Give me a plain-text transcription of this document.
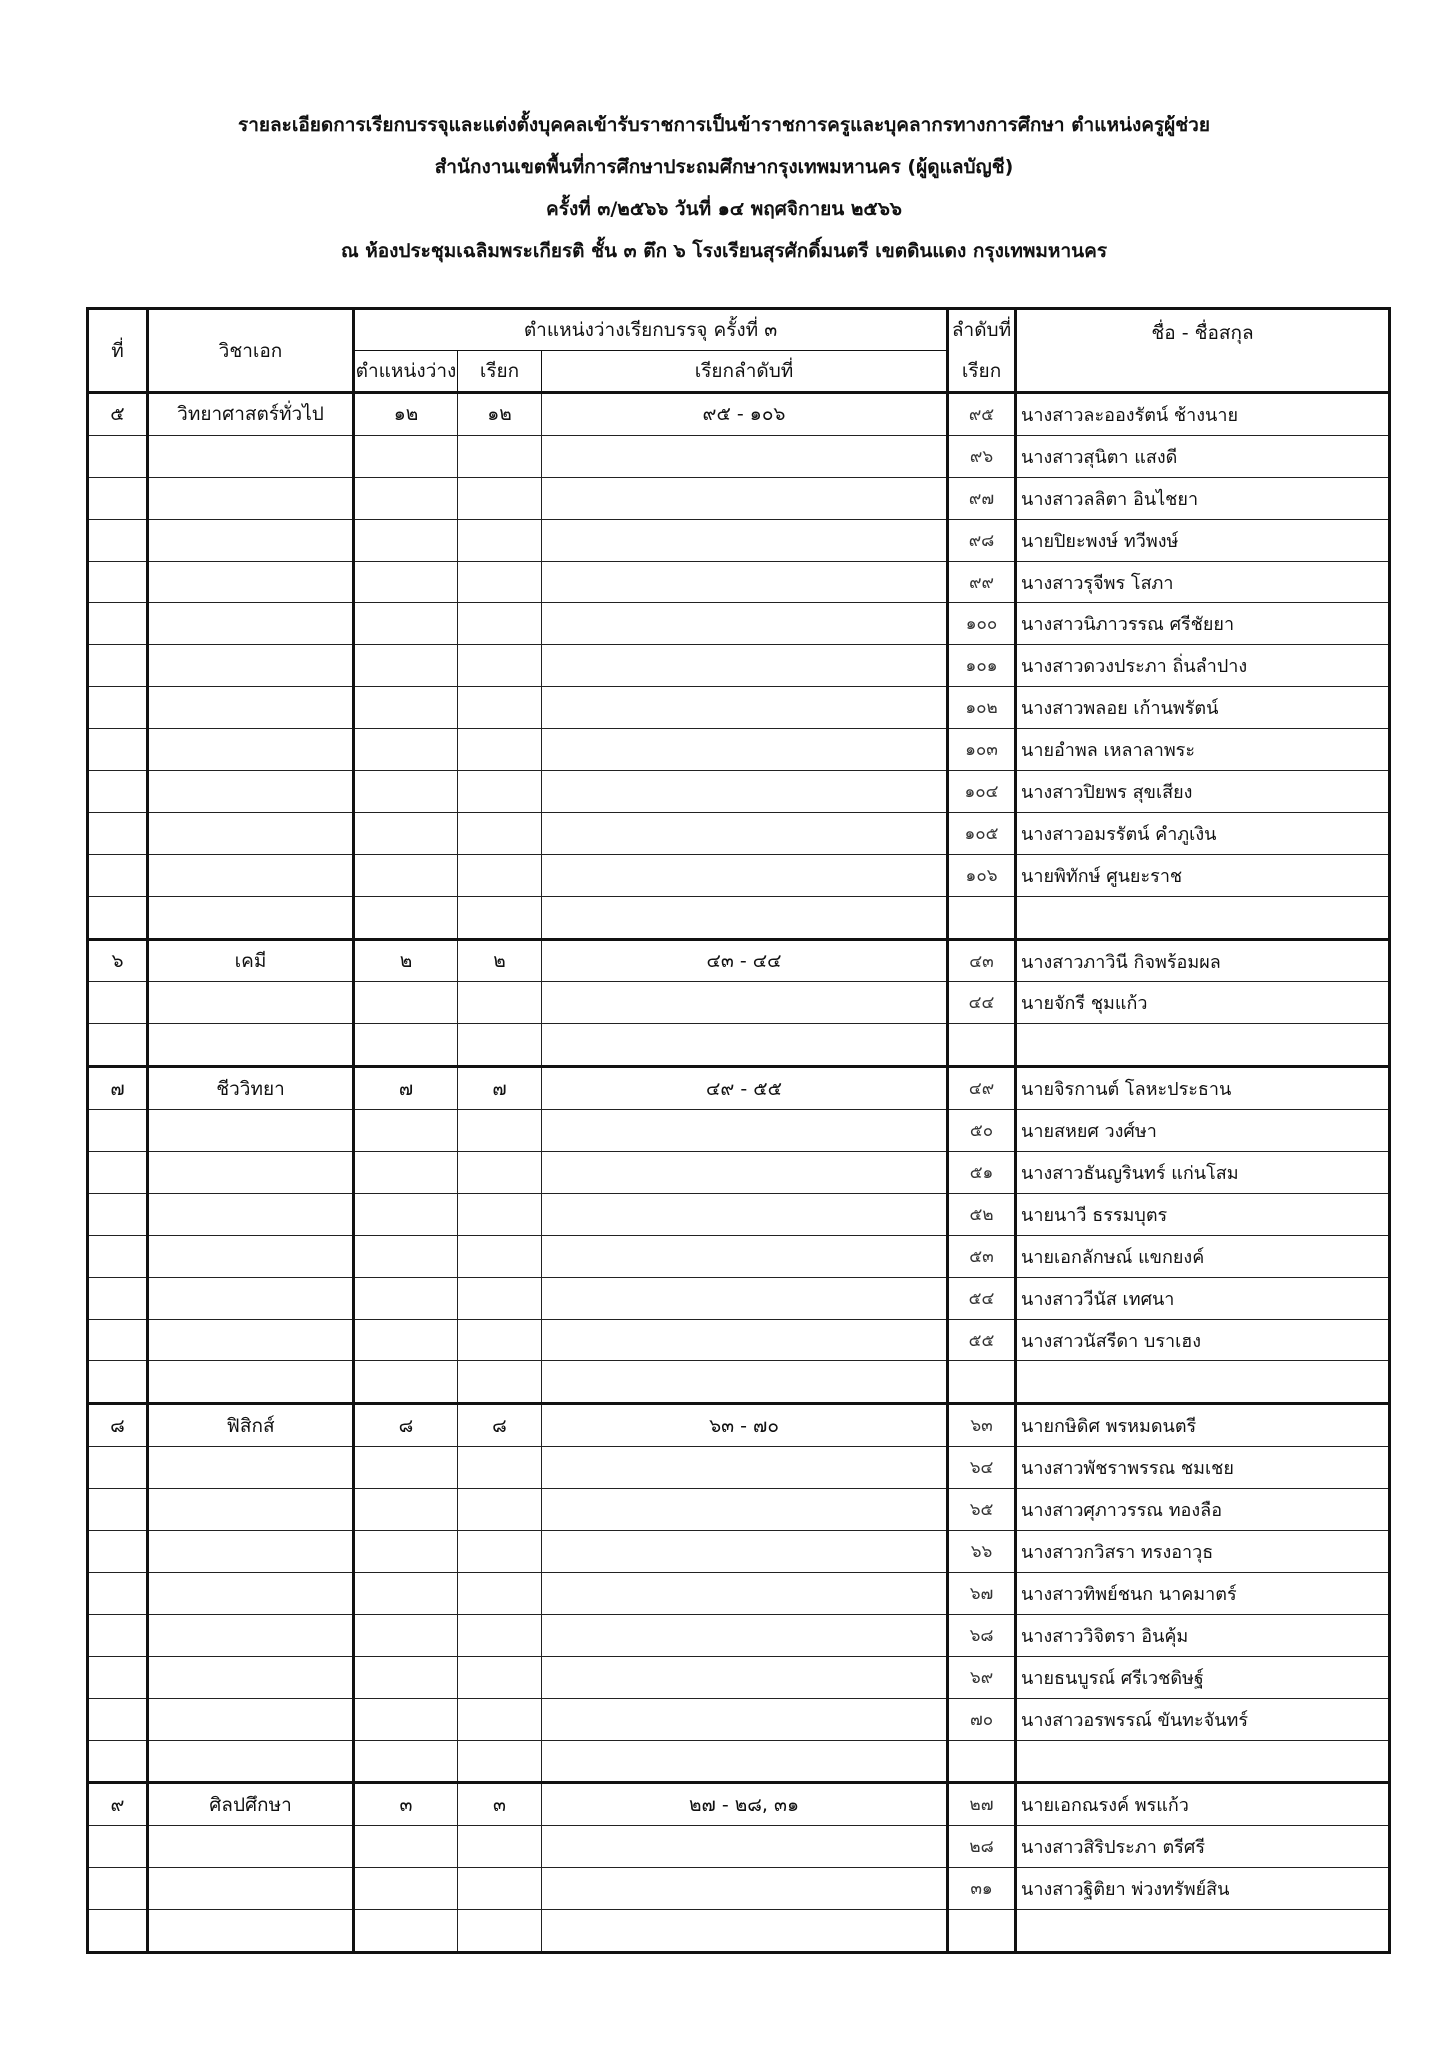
รายละเอียดการเรียกบรรจุและแต่งตั้งบุคคลเข้ารับราชการเป็นข้าราชการครูและบุคลากรทางการศึกษา ตำแหน่งครูผู้ช่วย
สำนักงานเขตพื้นที่การศึกษาประถมศึกษากรุงเทพมหานคร (ผู้ดูแลบัญชี)
ครั้งที่ ๓/๒๕๖๖ วันที่ ๑๔ พฤศจิกายน ๒๕๖๖
ณ ห้องประชุมเฉลิมพระเกียรติ ชั้น ๓ ตึก ๖ โรงเรียนสุรศักดิ์มนตรี เขตดินแดง กรุงเทพมหานคร
ที่	วิชาเอก	ตำแหน่งว่างเรียกบรรจุ ครั้งที่ ๓			ลำดับที่	ชื่อ - ชื่อสกุล
		ตำแหน่งว่าง	เรียก	เรียกลำดับที่	เรียก	
๕	วิทยาศาสตร์ทั่วไป	๑๒	๑๒	๙๕ - ๑๐๖	๙๕	นางสาวละอองรัตน์ ช้างนาย
					๙๖	นางสาวสุนิตา แสงดี
					๙๗	นางสาวลลิตา อินไชยา
					๙๘	นายปิยะพงษ์ ทวีพงษ์
					๙๙	นางสาวรุจีพร โสภา
					๑๐๐	นางสาวนิภาวรรณ ศรีชัยยา
					๑๐๑	นางสาวดวงประภา ถิ่นลำปาง
					๑๐๒	นางสาวพลอย เก้านพรัตน์
					๑๐๓	นายอำพล เหลาลาพระ
					๑๐๔	นางสาวปิยพร สุขเสียง
					๑๐๕	นางสาวอมรรัตน์ คำภูเงิน
					๑๐๖	นายพิทักษ์ ศูนยะราช

๖	เคมี	๒	๒	๔๓ - ๔๔	๔๓	นางสาวภาวินี กิจพร้อมผล
					๔๔	นายจักรี ชุมแก้ว

๗	ชีววิทยา	๗	๗	๔๙ - ๕๕	๔๙	นายจิรกานต์ โลหะประธาน
					๕๐	นายสหยศ วงศ์ษา
					๕๑	นางสาวธันญรินทร์ แก่นโสม
					๕๒	นายนาวี ธรรมบุตร
					๕๓	นายเอกลักษณ์ แขกยงค์
					๕๔	นางสาววีนัส เทศนา
					๕๕	นางสาวนัสรีดา บราเฮง

๘	ฟิสิกส์	๘	๘	๖๓ - ๗๐	๖๓	นายกษิดิศ พรหมดนตรี
					๖๔	นางสาวพัชราพรรณ ชมเชย
					๖๕	นางสาวศุภาวรรณ ทองลือ
					๖๖	นางสาวกวิสรา ทรงอาวุธ
					๖๗	นางสาวทิพย์ชนก นาคมาตร์
					๖๘	นางสาววิจิตรา อินคุ้ม
					๖๙	นายธนบูรณ์ ศรีเวชดิษฐ์
					๗๐	นางสาวอรพรรณ์ ขันทะจันทร์

๙	ศิลปศึกษา	๓	๓	๒๗ - ๒๘, ๓๑	๒๗	นายเอกณรงค์ พรแก้ว
					๒๘	นางสาวสิริประภา ตรีศรี
					๓๑	นางสาวฐิติยา พ่วงทรัพย์สิน
